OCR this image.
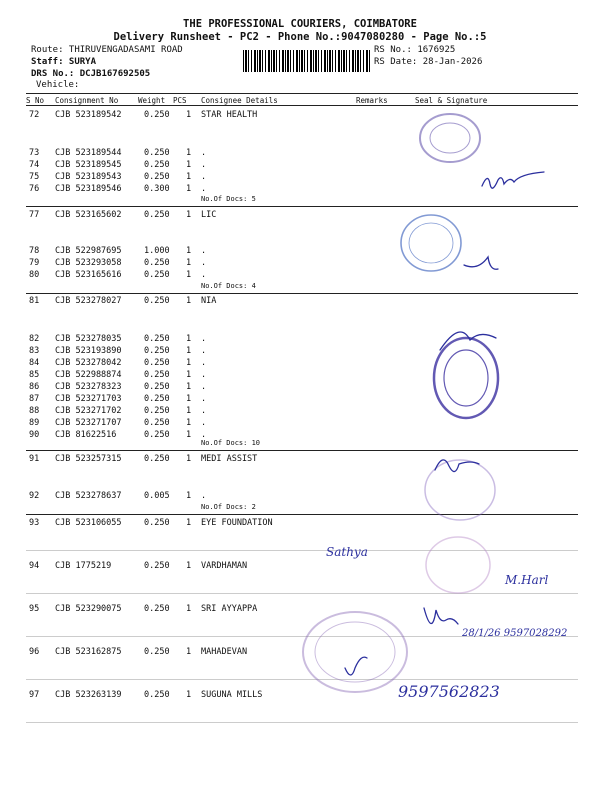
THE PROFESSIONAL COURIERS, COIMBATORE
Delivery Runsheet - PC2 - Phone No.:9047080280 - Page No.:5
Route: THIRUVENGADASAMI ROAD
Staff: SURYA
DRS No.: DCJB167692505
Vehicle:
RS No.: 1676925
RS Date: 28-Jan-2026
S No Consignment No	Weight PCS Consignee Details	Remarks	Seal & Signature
72 CJB 523189542	0.250 1 STAR HEALTH
73 CJB 523189544	0.250 1 .
74 CJB 523189545	0.250 1 .
75 CJB 523189543	0.250 1 .
76 CJB 523189546	0.300 1 .
77 CJB 523165602	0.250 1 LIC
78 CJB 522987695	1.000 1 .
79 CJB 523293058	0.250 1 .
80 CJB 523165616	0.250 1 .
81 CJB 523278027	0.250 1 NIA
82 CJB 523278035	0.250 1 .
83 CJB 523193890	0.250 1 .
84 CJB 523278042	0.250 1 .
85 CJB 522988874	0.250 1 .
86 CJB 523278323	0.250 1 .
87 CJB 523271703	0.250 1 .
88 CJB 523271702	0.250 1 .
89 CJB 523271707	0.250 1 .
90 CJB 81622516	0.250 1 .
91 CJB 523257315	0.250 1 MEDI ASSIST
92 CJB 523278637	0.005 1 .
93 CJB 523106055	0.250 1 EYE FOUNDATION
94 CJB 1775219	0.250 1 VARDHAMAN
95 CJB 523290075	0.250 1 SRI AYYAPPA
96 CJB 523162875	0.250 1 MAHADEVAN
97 CJB 523263139	0.250 1 SUGUNA MILLS
No.Of Docs: 5
No.Of Docs: 4
No.Of Docs: 10
No.Of Docs: 2
Sathya
M.Harl
28/1/26 9597028292
9597562823
